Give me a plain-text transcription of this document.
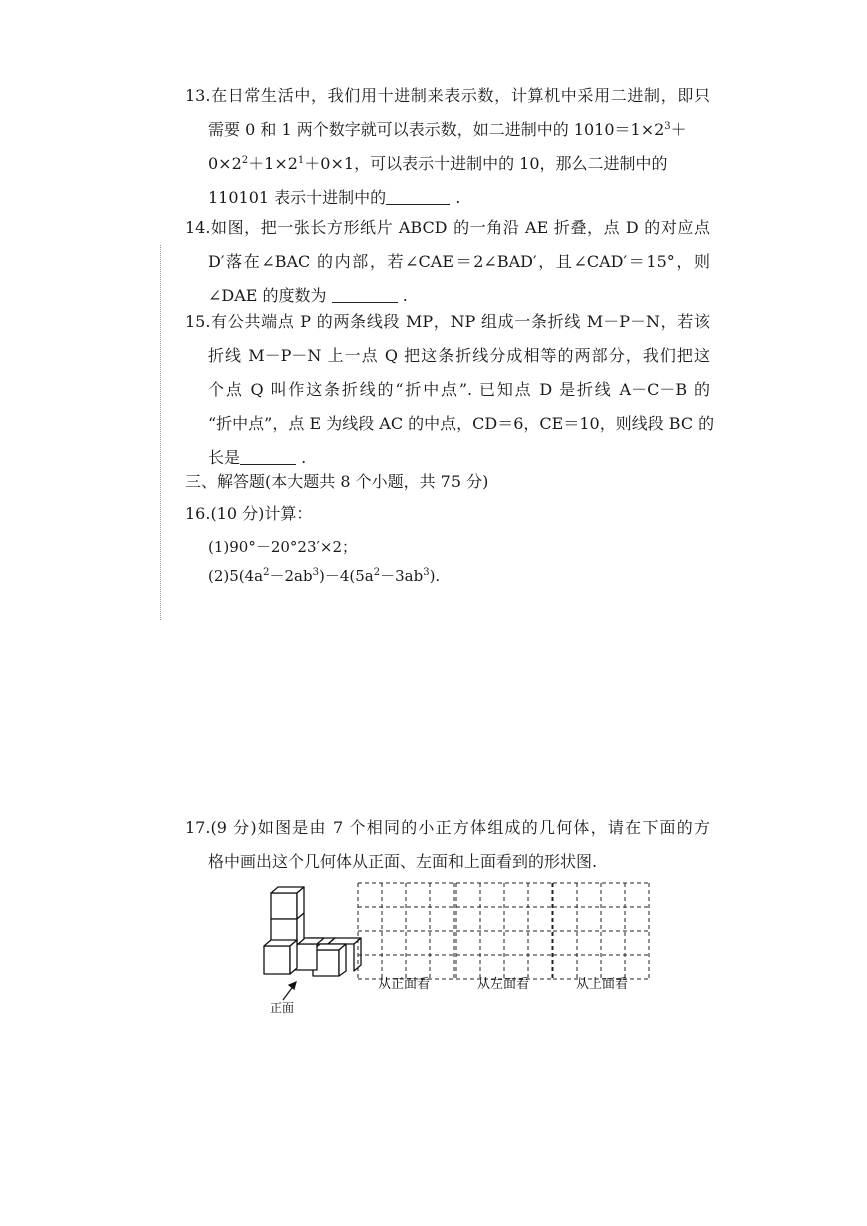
13.在日常生活中，我们用十进制来表示数，计算机中采用二进制，即只
需要 0 和 1 两个数字就可以表示数，如二进制中的 $1010=1\times 2^3+$
$0\times 2^2+1\times 2^1+0\times 1$，可以表示十进制中的 10，那么二进制中的
110101 表示十进制中的	.
14.如图，把一张长方形纸片 ABCD 的一角沿 AE 折叠，点 D 的对应点
D′落在∠BAC 的内部，若∠CAE＝2∠BAD′，且∠CAD′＝15°，则
∠DAE 的度数为	.
15.有公共端点 P 的两条线段 MP，NP 组成一条折线 M－P－N，若该
折线 M－P－N 上一点 Q 把这条折线分成相等的两部分，我们把这
个点 Q 叫作这条折线的“折中点”. 已知点 D 是折线 A－C－B 的
“折中点”，点 E 为线段 AC 的中点，CD＝6，CE＝10，则线段 BC 的
长是	.
三、解答题(本大题共 8 个小题，共 75 分)
16.(10 分)计算：
(1)90°－20°23′×2；
$(2)5(4a^2-2ab^3)-4(5a^2-3ab^3)$.
17.(9 分)如图是由 7 个相同的小正方体组成的几何体，请在下面的方
格中画出这个几何体从正面、左面和上面看到的形状图.
正面
从正面看	从左面看	从上面看
